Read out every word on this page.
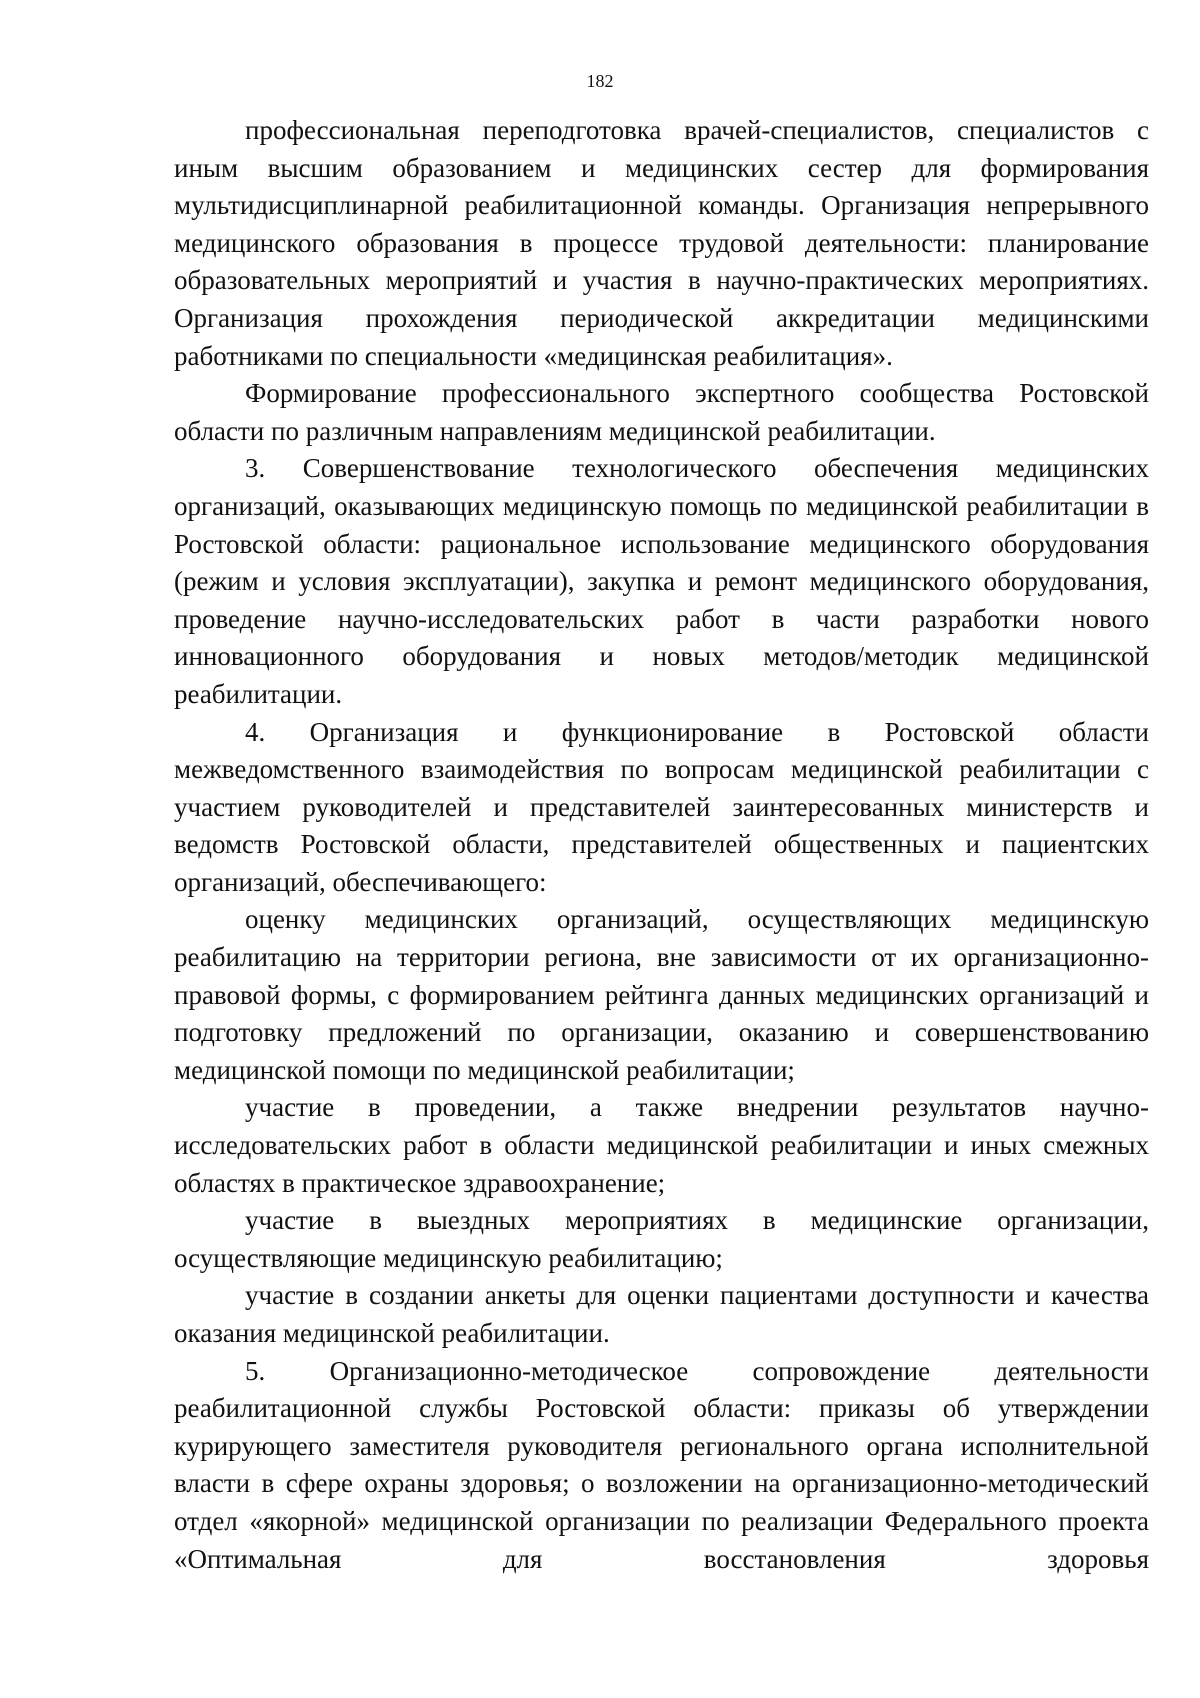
182

профессиональная переподготовка врачей-специалистов, специалистов с иным высшим образованием и медицинских сестер для формирования мультидисциплинарной реабилитационной команды. Организация непрерывного медицинского образования в процессе трудовой деятельности: планирование образовательных мероприятий и участия в научно-практических мероприятиях. Организация прохождения периодической аккредитации медицинскими работниками по специальности «медицинская реабилитация».

Формирование профессионального экспертного сообщества Ростовской области по различным направлениям медицинской реабилитации.

3. Совершенствование технологического обеспечения медицинских организаций, оказывающих медицинскую помощь по медицинской реабилитации в Ростовской области: рациональное использование медицинского оборудования (режим и условия эксплуатации), закупка и ремонт медицинского оборудования, проведение научно-исследовательских работ в части разработки нового инновационного оборудования и новых методов/методик медицинской реабилитации.

4. Организация и функционирование в Ростовской области межведомственного взаимодействия по вопросам медицинской реабилитации с участием руководителей и представителей заинтересованных министерств и ведомств Ростовской области, представителей общественных и пациентских организаций, обеспечивающего:

оценку медицинских организаций, осуществляющих медицинскую реабилитацию на территории региона, вне зависимости от их организационно-правовой формы, с формированием рейтинга данных медицинских организаций и подготовку предложений по организации, оказанию и совершенствованию медицинской помощи по медицинской реабилитации;

участие в проведении, а также внедрении результатов научно-исследовательских работ в области медицинской реабилитации и иных смежных областях в практическое здравоохранение;

участие в выездных мероприятиях в медицинские организации, осуществляющие медицинскую реабилитацию;

участие в создании анкеты для оценки пациентами доступности и качества оказания медицинской реабилитации.

5. Организационно-методическое сопровождение деятельности реабилитационной службы Ростовской области: приказы об утверждении курирующего заместителя руководителя регионального органа исполнительной власти в сфере охраны здоровья; о возложении на организационно-методический отдел «якорной» медицинской организации по реализации Федерального проекта «Оптимальная для восстановления здоровья
